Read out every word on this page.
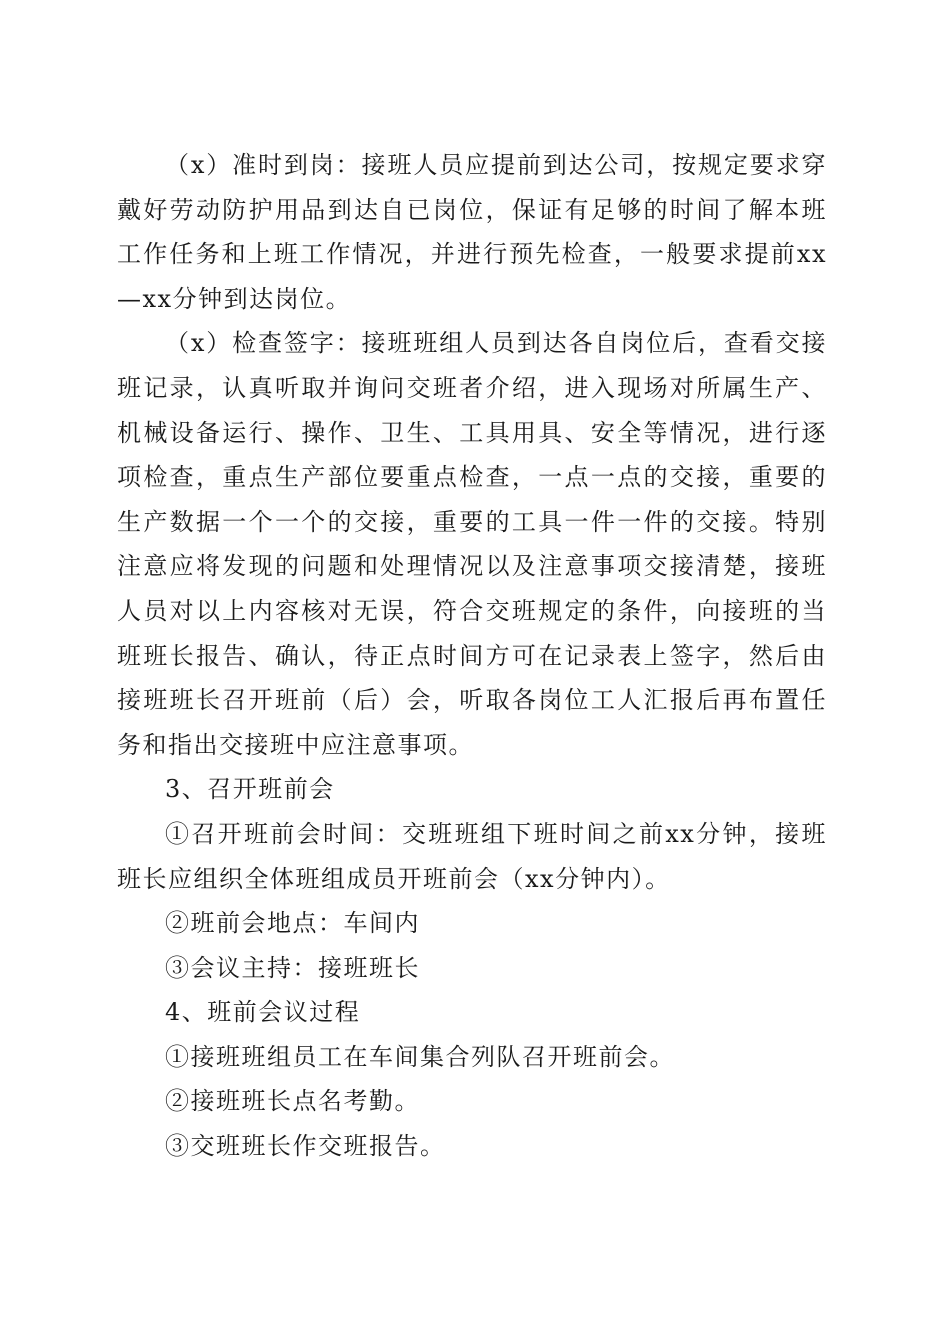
（x）准时到岗：接班人员应提前到达公司，按规定要求穿戴好劳动防护用品到达自已岗位，保证有足够的时间了解本班工作任务和上班工作情况，并进行预先检查，一般要求提前xx—xx分钟到达岗位。

（x）检查签字：接班班组人员到达各自岗位后，查看交接班记录，认真听取并询问交班者介绍，进入现场对所属生产、机械设备运行、操作、卫生、工具用具、安全等情况，进行逐项检查，重点生产部位要重点检查，一点一点的交接，重要的生产数据一个一个的交接，重要的工具一件一件的交接。特别注意应将发现的问题和处理情况以及注意事项交接清楚，接班人员对以上内容核对无误，符合交班规定的条件，向接班的当班班长报告、确认，待正点时间方可在记录表上签字，然后由接班班长召开班前（后）会，听取各岗位工人汇报后再布置任务和指出交接班中应注意事项。

3、召开班前会

①召开班前会时间：交班班组下班时间之前xx分钟，接班班长应组织全体班组成员开班前会（xx分钟内）。

②班前会地点：车间内

③会议主持：接班班长

4、班前会议过程

①接班班组员工在车间集合列队召开班前会。

②接班班长点名考勤。

③交班班长作交班报告。
